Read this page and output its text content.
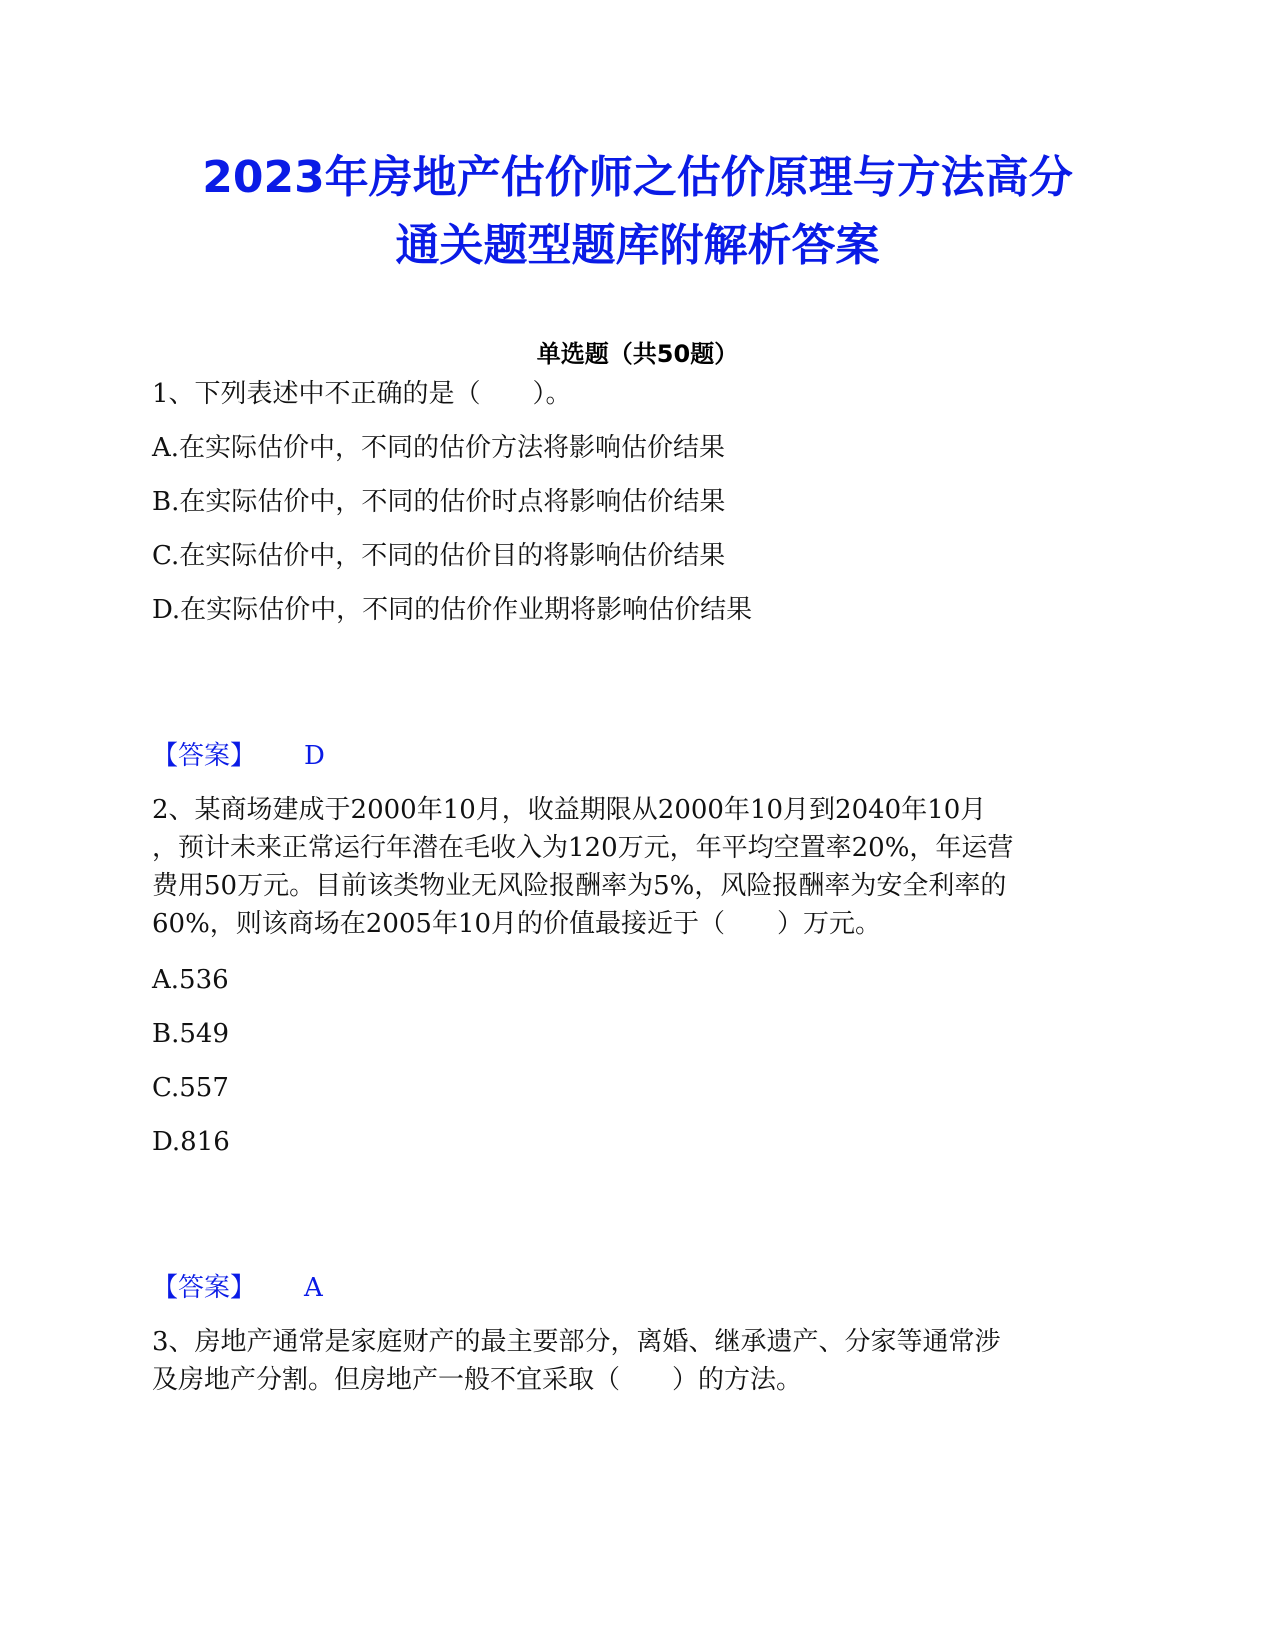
2023年房地产估价师之估价原理与方法高分
通关题型题库附解析答案
单选题（共50题）
1、下列表述中不正确的是（　　）。
A.在实际估价中，不同的估价方法将影响估价结果
B.在实际估价中，不同的估价时点将影响估价结果
C.在实际估价中，不同的估价目的将影响估价结果
D.在实际估价中，不同的估价作业期将影响估价结果
【答案】 D
2、某商场建成于2000年10月，收益期限从2000年10月到2040年10月
，预计未来正常运行年潜在毛收入为120万元，年平均空置率20%，年运营
费用50万元。目前该类物业无风险报酬率为5%，风险报酬率为安全利率的
60%，则该商场在2005年10月的价值最接近于（　　）万元。
A.536
B.549
C.557
D.816
【答案】 A
3、房地产通常是家庭财产的最主要部分，离婚、继承遗产、分家等通常涉
及房地产分割。但房地产一般不宜采取（　　）的方法。
